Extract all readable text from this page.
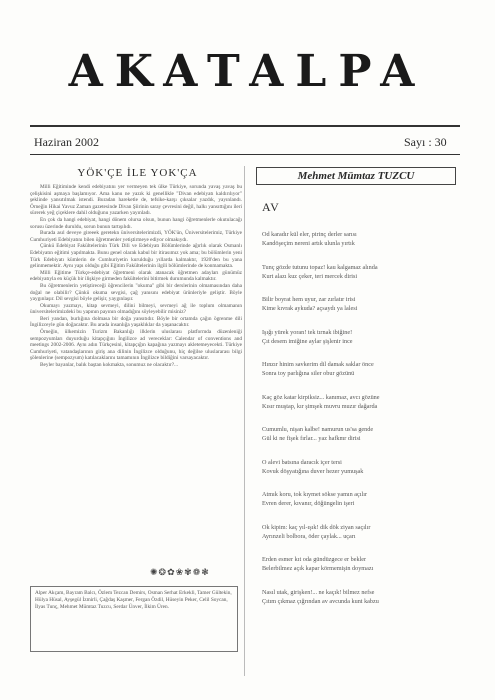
AKATALPA
Haziran 2002	Sayı : 30
YÖK'ÇE İLE YOK'ÇA

Milli Eğitiminde kendi edebiyatını yer vermeyen tek ülke Türkiye, sorunda yavaş yavaş bu çelişkisini aşmaya başlamıyor. Ama kanu ne yazık ki genellikle "Divan edebiyatı kaldırılıyor" şeklinde yansıtılmak istendi. Buradan hareketle de, tefsike-karşı çıksalar yazdık, yayınlandı. Örneğin Hikai Yavuz Zaman gazetesinde Divan Şiirinin saray çevresini değil, halkı yansıttığını ileri sürerek yeğ çiçeklere dahil olduğunu yazarken yayınladı.

En çok da hangi edebiyat, hangi dönem olursa olsun, bunun hangi öğretmenlerle okutulacağı sorusu üzerinde duruldu, sorun bunun tartışılıdı.

Burada asıl deveye gireeek geretekn üniversitelerimizdi, YÖK'ün, Üniversitelerimiz, Türkiye Cumhuriyeti Edebiyatını bilen öğretmenler yetiştirmeye ediyor olmakıydı.

Çünkü Edebiyat Fakültelerinin Türk Dili ve Edebiyatı Bölümlerinde ağırlık olarak Osmanlı Edebiyatın eğitimi yapılmakta. Bunu genel olarak kabul bir itirasımız yok ama; bu bölümlerin yeni Türk Edebiyatı kümlerin de Cumhuriyetin kurulduğu yıllarda kalmaktır, 1920'den bu yana gelinmemektir. Aynı yapı olduğu gibi Eğitim Fakültelerinin ilgili bölümlerinde de konmamakta.

Milli Eğitime Türkçe-edebiyat öğretmeni olarak atanacak öğretmen adayları günümüz edebiyatıyla en küçük bir ilişkiye girmeden fakültelerini bitirmek durumunda kalmaktır.

Bu öğretmenlerin yetiştireceği öğrencilerin "okuma" gibi bir derslerinin olmamasından daha doğal ne olabilir? Çünkü okuma sevgisi, çağ yanısını edebiyat ürünleriyle geliştir. Böyle yaygınlaşır. Dil sevgisi böyle gelişir, yaygınlaşır.

Okumayı yazmayı, kitap sevmeyi, dilini bilmeyi, sevmeyi ağ ile toplum olmamanın üniversitelerimizdeki bu yapının payının olmadığını söyleyebilir misiniz?

Beri yandan, burlığına dolmasa bir doğa yansıtıdır. Böyle bir ortamda çağın ögrenme dili İngilizceyle gün doğacaktır. Bu arada insanlığa yaşaklıklar da yaşanacaktır.

Örneğin, ülkemizin Turizm Bakanlığı ilklerin uluslarası platformda düzenleniği sempozyumları duyurduğu kitapçığını İngilizce ad vereceklar: Calendar of conventions and meetings 2002-2006. Aynı adın Türkçesini, kitapçığın kapağına yazmayı akletemeyecekti. Türkiye Cumhuriyeti, vatandaşlarının giriş ana dilinin İngilizce olduğunu, hiç değilse uluslararası bilgi şölenlerine (sempozyum) katılacaklarını tamamının İngilizce bildiğini varsayacaktır.

Beyler bayanlar, balık baştan kokmakta, sonumuz ne olacaktır?...

✺❂✿❀✾❁❃
Alper Akçam, Bayram Balcı, Özlem Tezcan Demirs, Osman Serhat Erkekli, Tamer Gültekin, Hülya Hüsal, Ayşegül İzmirli, Çağdaş Kaşmer, Fergan Özdil, Hüseyin Peker, Celil Soycan, İlyas Tunç, Mehmet Mümtaz Tuzcu, Serdar Ünver, İlkim Üren.
Mehmet Mümtaz TUZCU
AV
Od karadır kül eler, pirinç derler sarısı
Kandöşeçim nereni artık ulunla yırtık
Tunç gözde tutunu topaz! kau kalgamaz alında
Kurt alazı kuz çeker, teri mercek dirisi
Bilir boyrat hem uyur, zar zırlatır irisi
Kime kıvrak aykuda? açsaydı ya lalesi
Işığı yürek yoran! tek tırnak ibiğine!
Çıt desem imiğine aylar şişlenir ince
Hınzır hinim savkerim dil damak saklar önce
Sonra toy parlığına siler obur gözünü
Kaç göz katar kirpiksiz... kanımaz, avcı gözüne
Kısır muştap, kır şimşek muvru muzır dağarda
Cumumlu, nişan kalbe! namurun us'sa gende
Gül ki ne fişek fırlar... yaz hafkmr dirisi
O alevi batsına daracık içer tersi
Kovuk döşyatığına duver hezer yumuşak
Atmık koru, tok kıymet sökse yamın açılır
Evren derer, kıvanır, döğüngelin işeri
Ok kipim: kaç yıl-ışık! dik dök ziyan saçılır
Ayrınzeli bolbora, öder çaylak... uçarı
Erden esmer kıt oda gündüzgece er bekler
Belerbilmez açık kapar körmemişin doymazı
Nasıl utak, girişken!... ne kaçık! bilmez nefse
Çıtım çıkmaz çığrından av avcunda kunt kabzu
